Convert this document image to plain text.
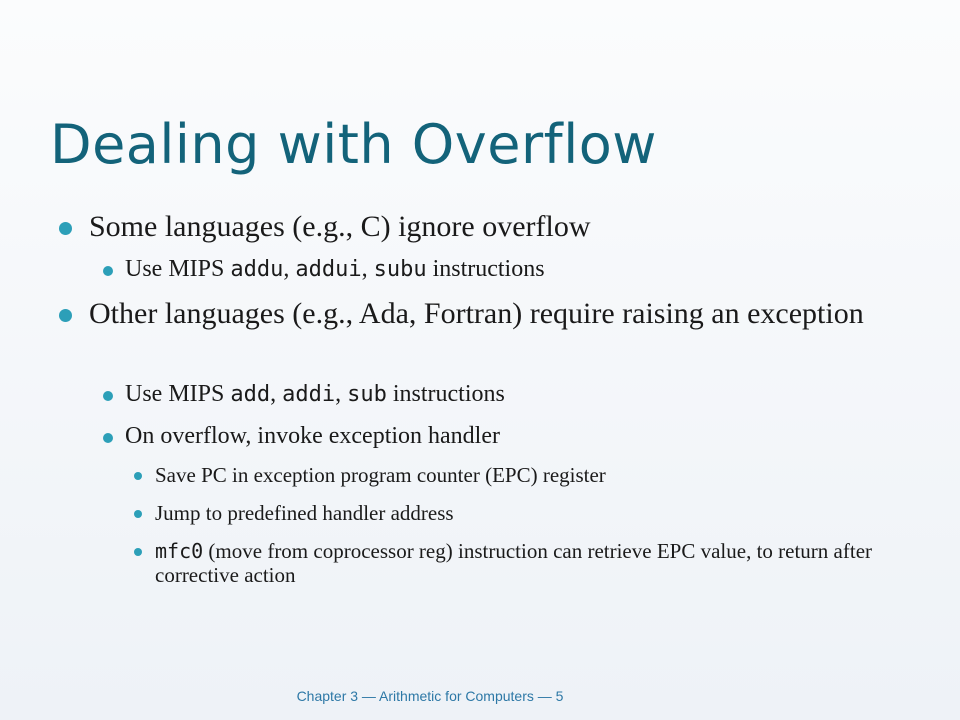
Dealing with Overflow
Some languages (e.g., C) ignore overflow
Use MIPS addu, addui, subu instructions
Other languages (e.g., Ada, Fortran) require raising an exception
Use MIPS add, addi, sub instructions
On overflow, invoke exception handler
Save PC in exception program counter (EPC) register
Jump to predefined handler address
mfc0 (move from coprocessor reg) instruction can retrieve EPC value, to return after corrective action
Chapter 3 — Arithmetic for Computers — 5
